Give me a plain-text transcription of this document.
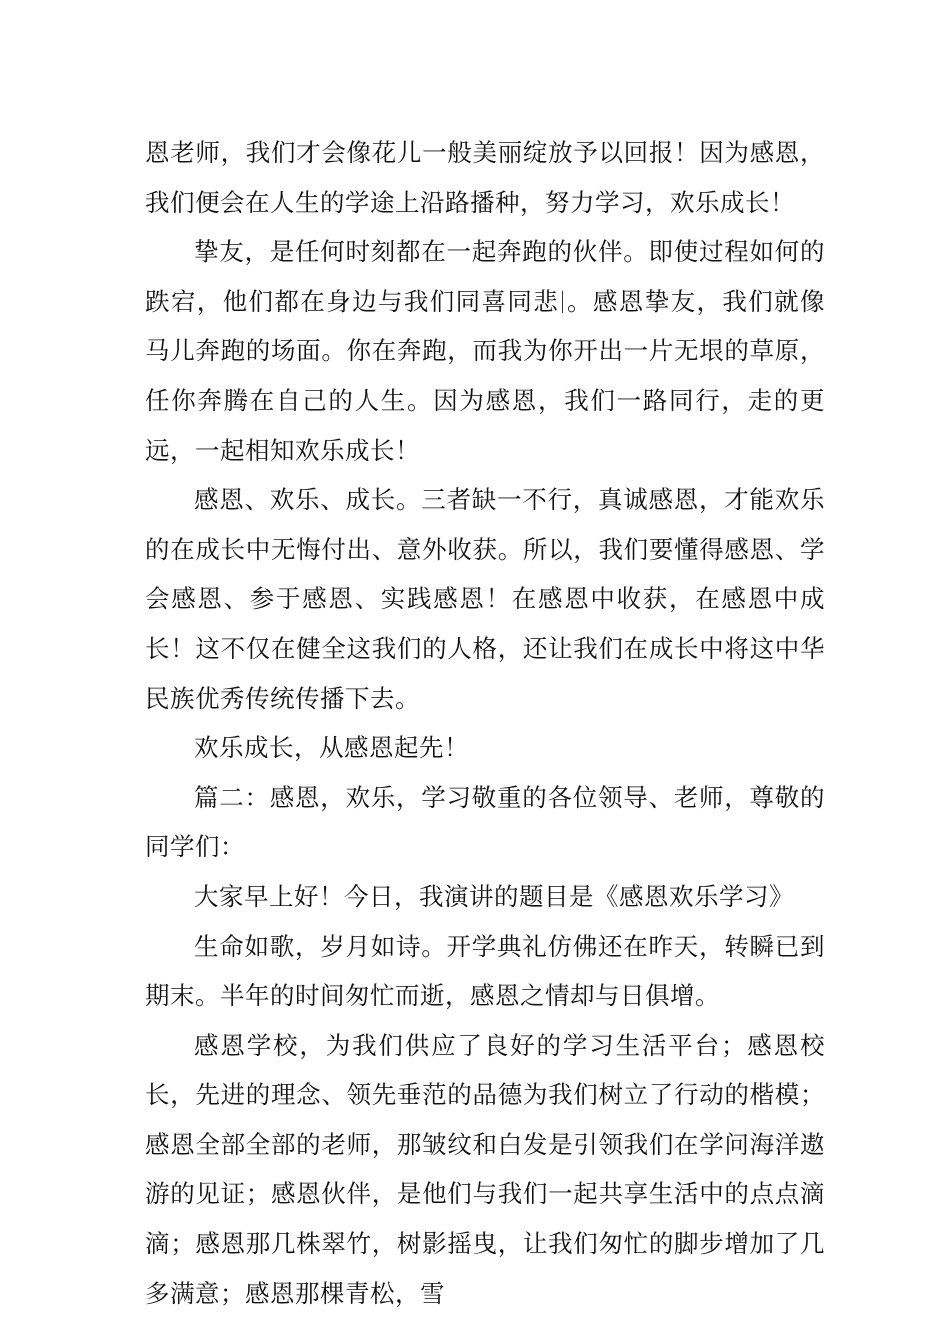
恩老师，我们才会像花儿一般美丽绽放予以回报！因为感恩，我们便会在人生的学途上沿路播种，努力学习，欢乐成长！

挚友，是任何时刻都在一起奔跑的伙伴。即使过程如何的跌宕，他们都在身边与我们同喜同悲 。感恩挚友，我们就像马儿奔跑的场面。你在奔跑，而我为你开出一片无垠的草原，任你奔腾在自己的人生。因为感恩，我们一路同行，走的更远，一起相知欢乐成长！

感恩、欢乐、成长。三者缺一不行，真诚感恩，才能欢乐的在成长中无悔付出、意外收获。所以，我们要懂得感恩、学会感恩、参于感恩、实践感恩！在感恩中收获，在感恩中成长！这不仅在健全这我们的人格，还让我们在成长中将这中华民族优秀传统传播下去。

欢乐成长，从感恩起先！

篇二：感恩，欢乐，学习敬重的各位领导、老师，尊敬的同学们：

大家早上好！今日，我演讲的题目是《感恩欢乐学习》

生命如歌，岁月如诗。开学典礼仿佛还在昨天，转瞬已到期末。半年的时间匆忙而逝，感恩之情却与日俱增。

感恩学校，为我们供应了良好的学习生活平台；感恩校长，先进的理念、领先垂范的品德为我们树立了行动的楷模；感恩全部全部的老师，那皱纹和白发是引领我们在学问海洋遨游的见证；感恩伙伴，是他们与我们一起共享生活中的点点滴滴；感恩那几株翠竹，树影摇曳，让我们匆忙的脚步增加了几多满意；感恩那棵青松，雪
